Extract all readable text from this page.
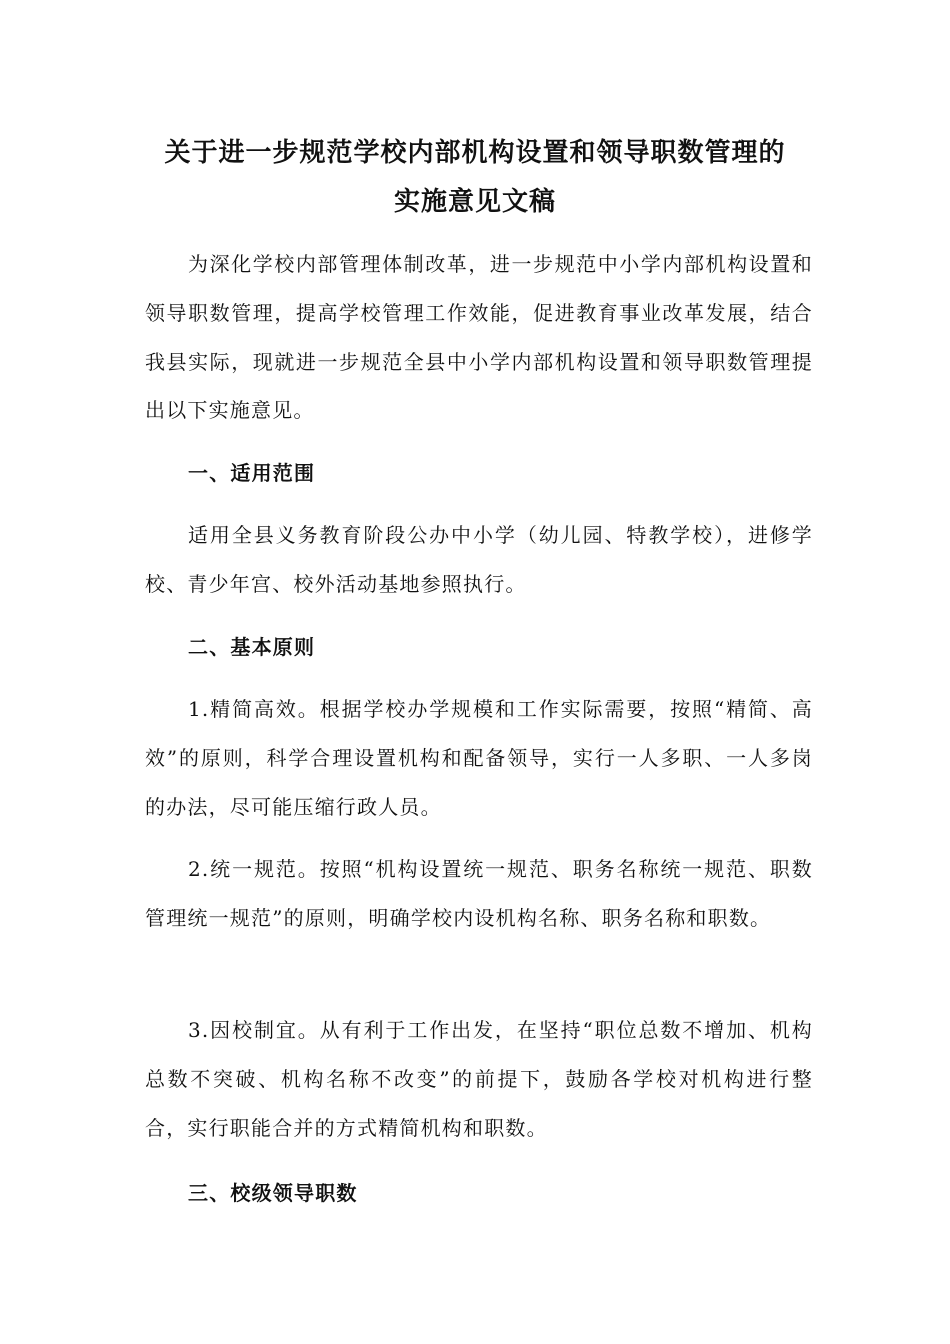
关于进一步规范学校内部机构设置和领导职数管理的
实施意见文稿

为深化学校内部管理体制改革，进一步规范中小学内部机构设置和领导职数管理，提高学校管理工作效能，促进教育事业改革发展，结合我县实际，现就进一步规范全县中小学内部机构设置和领导职数管理提出以下实施意见。

一、适用范围

适用全县义务教育阶段公办中小学（幼儿园、特教学校），进修学校、青少年宫、校外活动基地参照执行。

二、基本原则

1.精简高效。根据学校办学规模和工作实际需要，按照“精简、高效”的原则，科学合理设置机构和配备领导，实行一人多职、一人多岗的办法，尽可能压缩行政人员。

2.统一规范。按照“机构设置统一规范、职务名称统一规范、职数管理统一规范”的原则，明确学校内设机构名称、职务名称和职数。

3.因校制宜。从有利于工作出发，在坚持“职位总数不增加、机构总数不突破、机构名称不改变”的前提下，鼓励各学校对机构进行整合，实行职能合并的方式精简机构和职数。

三、校级领导职数
